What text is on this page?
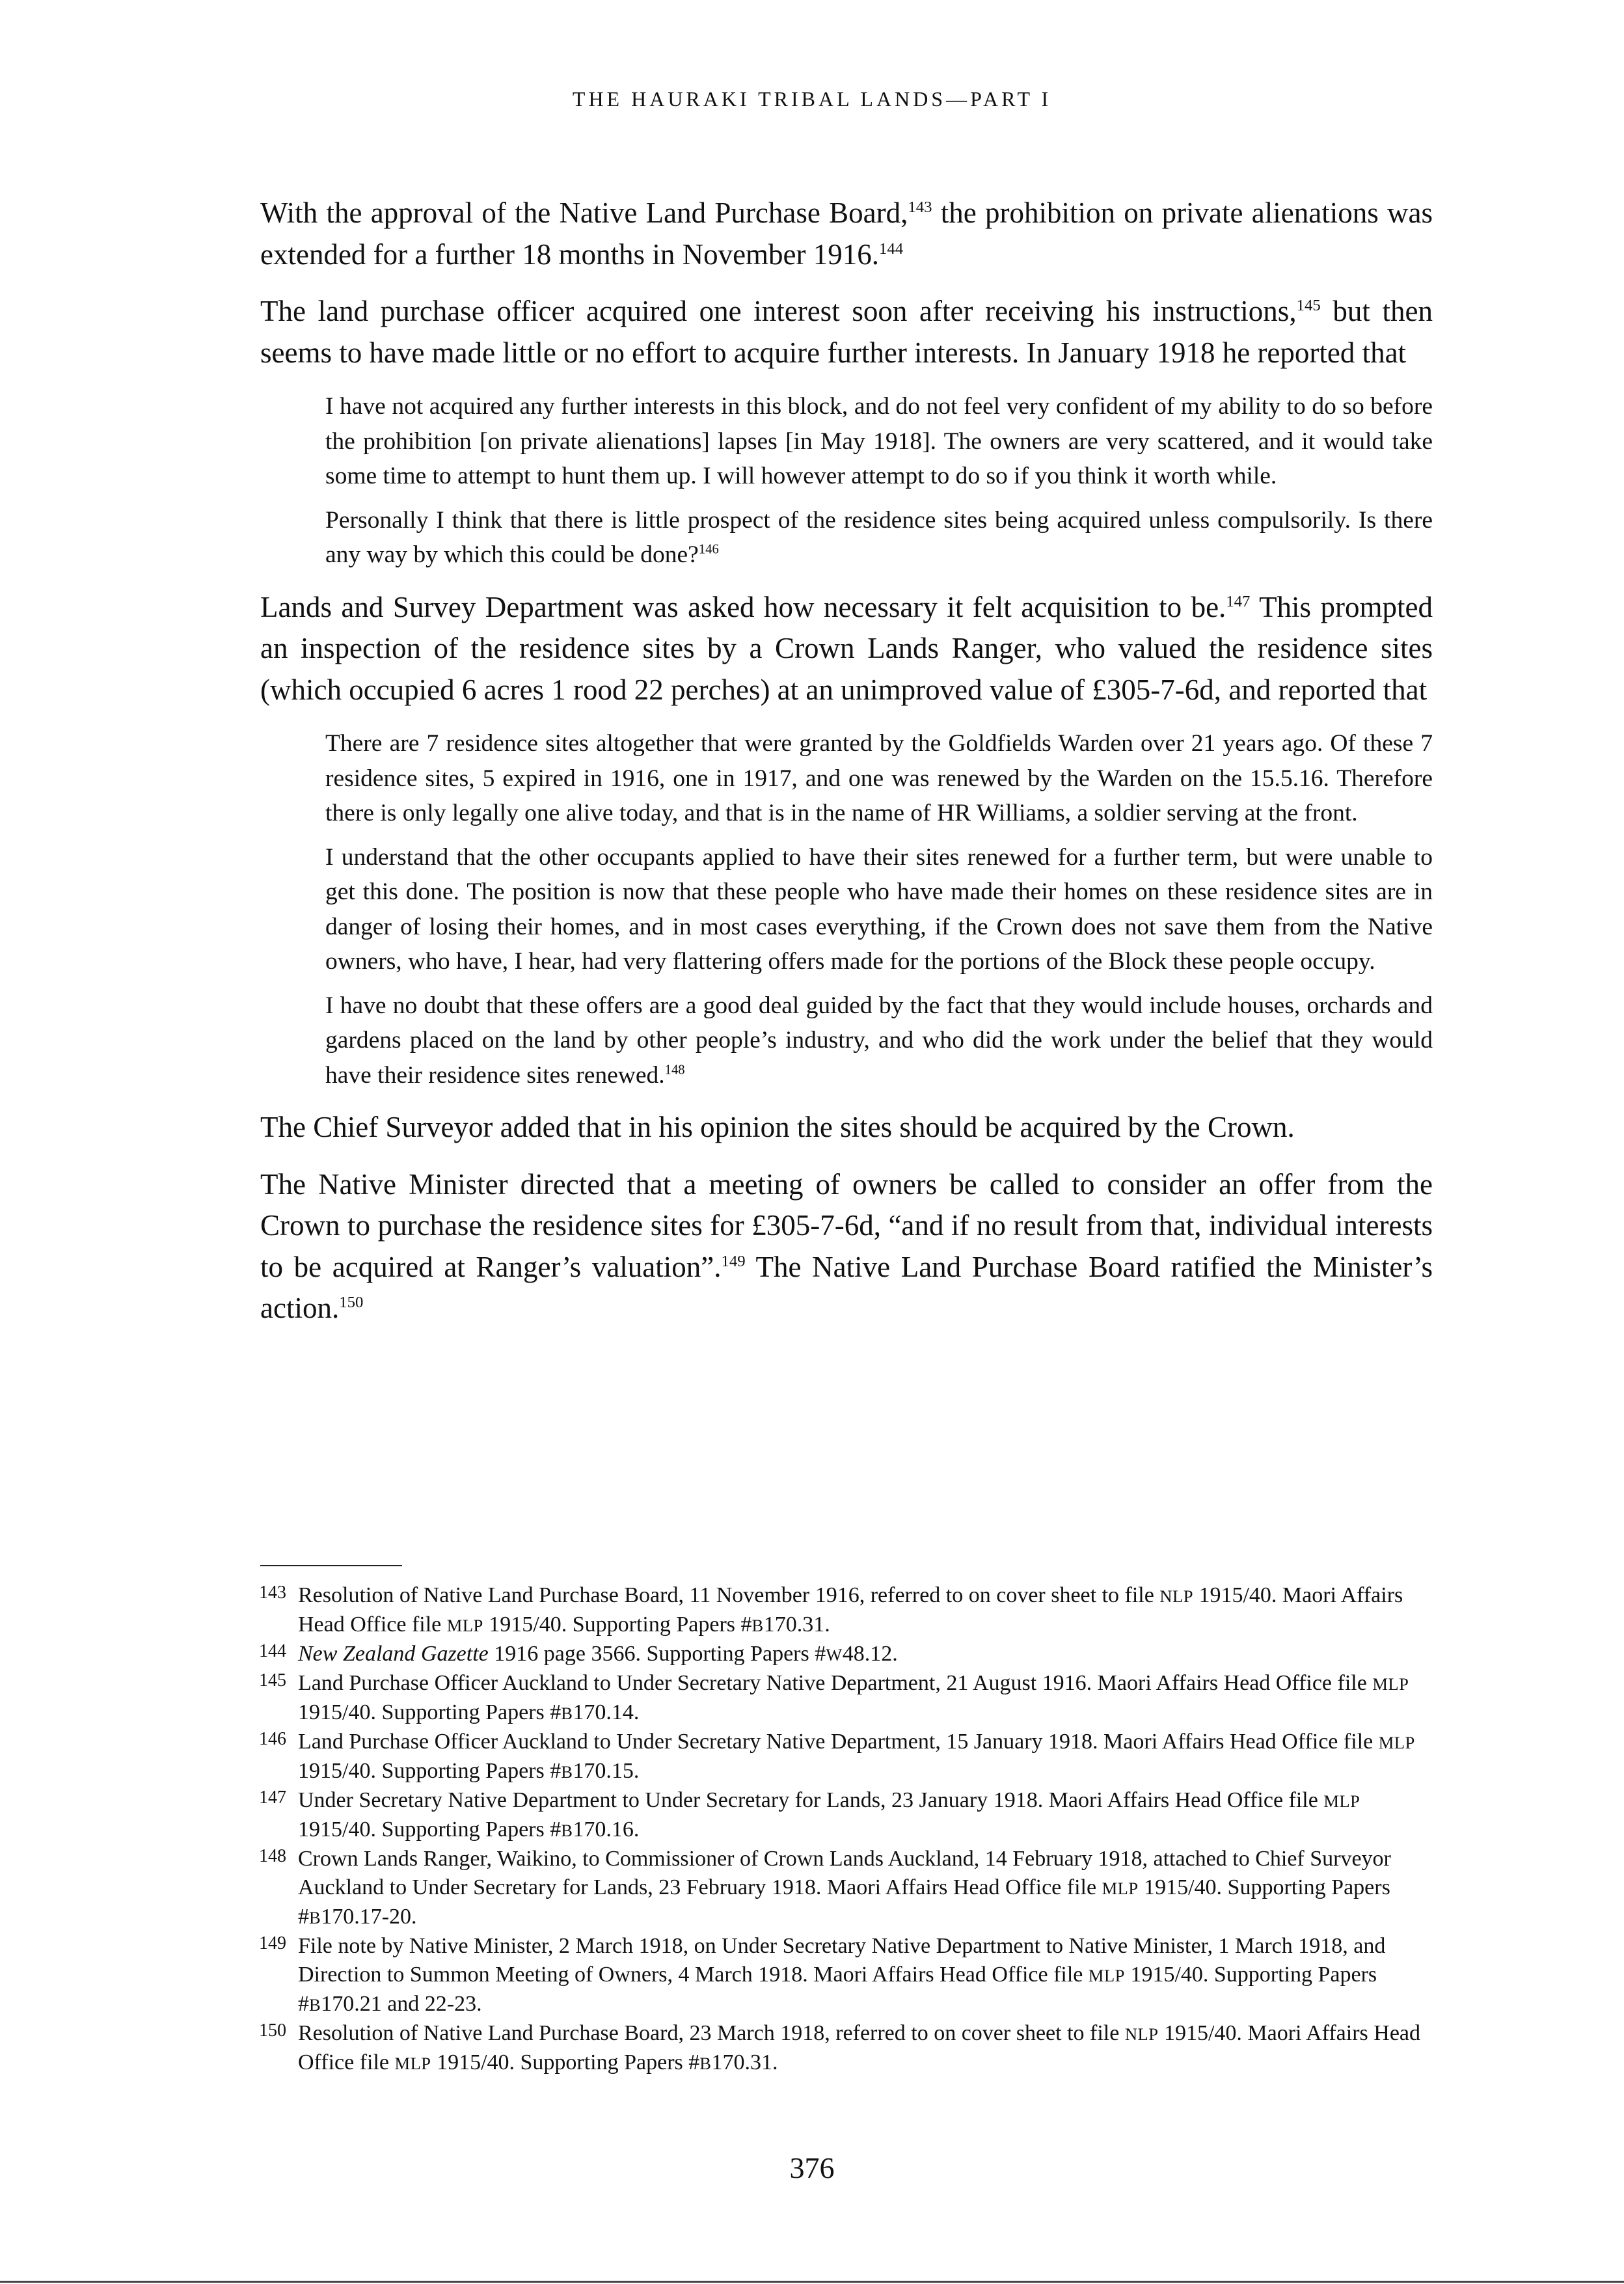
THE HAURAKI TRIBAL LANDS—PART I

With the approval of the Native Land Purchase Board,$^{143}$ the prohibition on private alienations was extended for a further 18 months in November 1916.$^{144}$

The land purchase officer acquired one interest soon after receiving his instructions,$^{145}$ but then seems to have made little or no effort to acquire further interests. In January 1918 he reported that

I have not acquired any further interests in this block, and do not feel very confident of my ability to do so before the prohibition [on private alienations] lapses [in May 1918]. The owners are very scattered, and it would take some time to attempt to hunt them up. I will however attempt to do so if you think it worth while.

Personally I think that there is little prospect of the residence sites being acquired unless compulsorily. Is there any way by which this could be done?$^{146}$

Lands and Survey Department was asked how necessary it felt acquisition to be.$^{147}$ This prompted an inspection of the residence sites by a Crown Lands Ranger, who valued the residence sites (which occupied 6 acres 1 rood 22 perches) at an unimproved value of £305-7-6d, and reported that

There are 7 residence sites altogether that were granted by the Goldfields Warden over 21 years ago. Of these 7 residence sites, 5 expired in 1916, one in 1917, and one was renewed by the Warden on the 15.5.16. Therefore there is only legally one alive today, and that is in the name of HR Williams, a soldier serving at the front.

I understand that the other occupants applied to have their sites renewed for a further term, but were unable to get this done. The position is now that these people who have made their homes on these residence sites are in danger of losing their homes, and in most cases everything, if the Crown does not save them from the Native owners, who have, I hear, had very flattering offers made for the portions of the Block these people occupy.

I have no doubt that these offers are a good deal guided by the fact that they would include houses, orchards and gardens placed on the land by other people’s industry, and who did the work under the belief that they would have their residence sites renewed.$^{148}$

The Chief Surveyor added that in his opinion the sites should be acquired by the Crown.

The Native Minister directed that a meeting of owners be called to consider an offer from the Crown to purchase the residence sites for £305-7-6d, “and if no result from that, individual interests to be acquired at Ranger’s valuation”.$^{149}$ The Native Land Purchase Board ratified the Minister’s action.$^{150}$

143 Resolution of Native Land Purchase Board, 11 November 1916, referred to on cover sheet to file NLP 1915/40. Maori Affairs Head Office file MLP 1915/40. Supporting Papers #B170.31.
144 New Zealand Gazette 1916 page 3566. Supporting Papers #W48.12.
145 Land Purchase Officer Auckland to Under Secretary Native Department, 21 August 1916. Maori Affairs Head Office file MLP 1915/40. Supporting Papers #B170.14.
146 Land Purchase Officer Auckland to Under Secretary Native Department, 15 January 1918. Maori Affairs Head Office file MLP 1915/40. Supporting Papers #B170.15.
147 Under Secretary Native Department to Under Secretary for Lands, 23 January 1918. Maori Affairs Head Office file MLP 1915/40. Supporting Papers #B170.16.
148 Crown Lands Ranger, Waikino, to Commissioner of Crown Lands Auckland, 14 February 1918, attached to Chief Surveyor Auckland to Under Secretary for Lands, 23 February 1918. Maori Affairs Head Office file MLP 1915/40. Supporting Papers #B170.17-20.
149 File note by Native Minister, 2 March 1918, on Under Secretary Native Department to Native Minister, 1 March 1918, and Direction to Summon Meeting of Owners, 4 March 1918. Maori Affairs Head Office file MLP 1915/40. Supporting Papers #B170.21 and 22-23.
150 Resolution of Native Land Purchase Board, 23 March 1918, referred to on cover sheet to file NLP 1915/40. Maori Affairs Head Office file MLP 1915/40. Supporting Papers #B170.31.
376
